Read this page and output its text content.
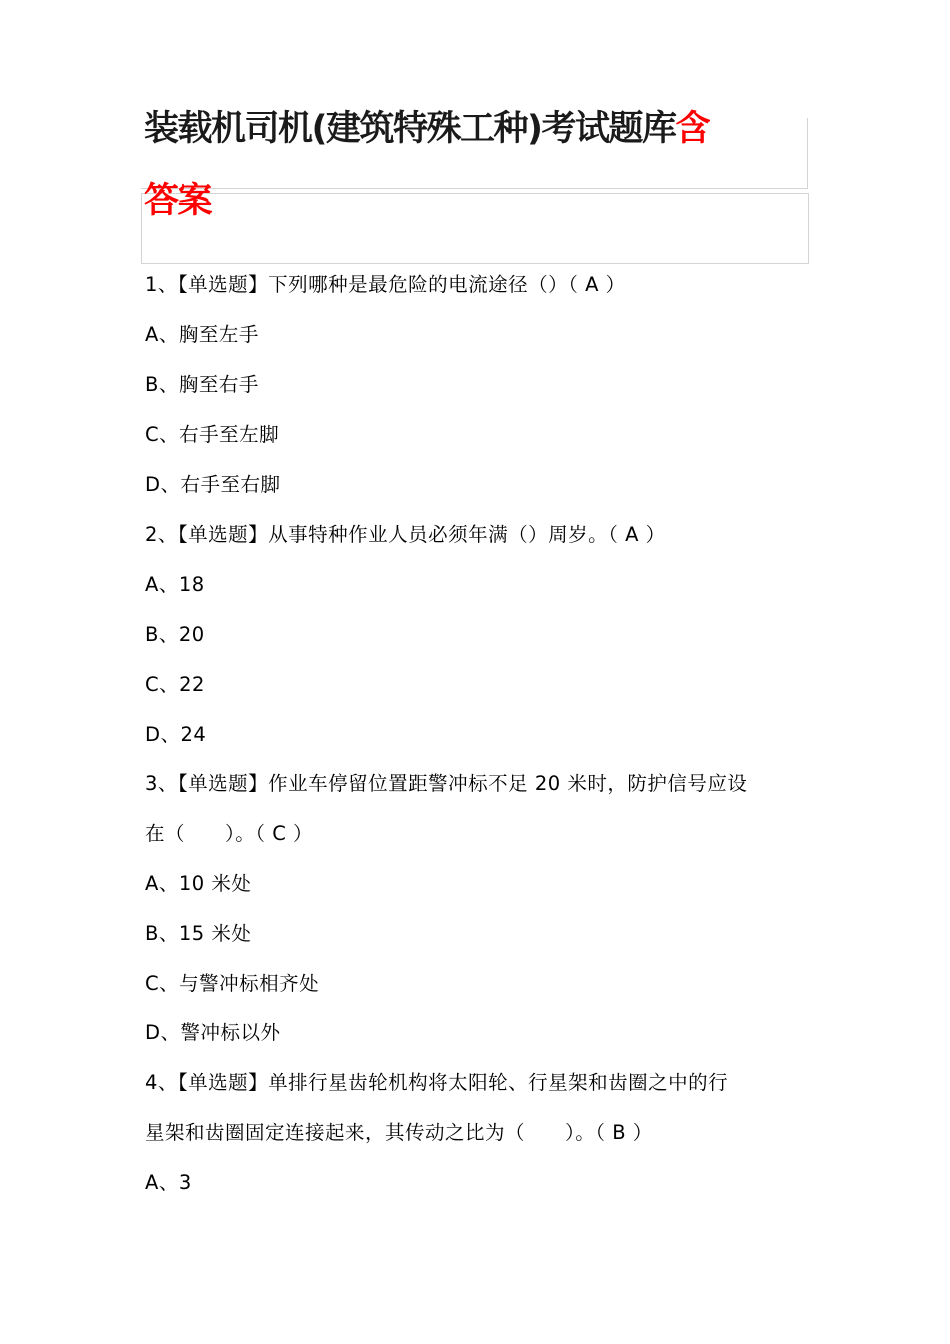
装载机司机(建筑特殊工种)考试题库含
答案
1、【单选题】下列哪种是最危险的电流途径（）（ A ）
A、胸至左手
B、胸至右手
C、右手至左脚
D、右手至右脚
2、【单选题】从事特种作业人员必须年满（）周岁。（ A ）
A、18
B、20
C、22
D、24
3、【单选题】作业车停留位置距警冲标不足 20 米时，防护信号应设
在（　　）。（ C ）
A、10 米处
B、15 米处
C、与警冲标相齐处
D、警冲标以外
4、【单选题】单排行星齿轮机构将太阳轮、行星架和齿圈之中的行
星架和齿圈固定连接起来，其传动之比为（　　）。（ B ）
A、3
